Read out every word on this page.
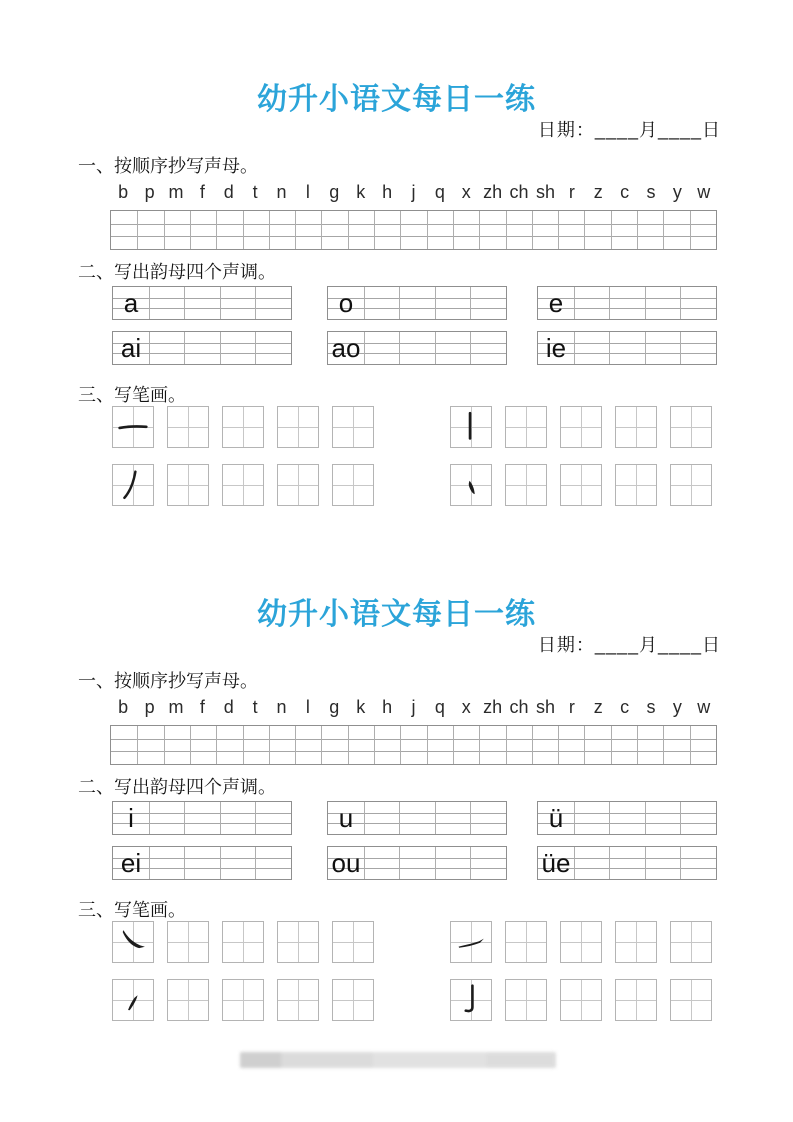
幼升小语文每日一练
日期：____月____日
一、按顺序抄写声母。
b p m f d t n l g k h j q x zh ch sh r z c s y w
二、写出韵母四个声调。
a	o	e
ai	ao	ie
三、写笔画。
幼升小语文每日一练
日期：____月____日
一、按顺序抄写声母。
b p m f d t n l g k h j q x zh ch sh r z c s y w
二、写出韵母四个声调。
i	u	ü
ei	ou	üe
三、写笔画。
